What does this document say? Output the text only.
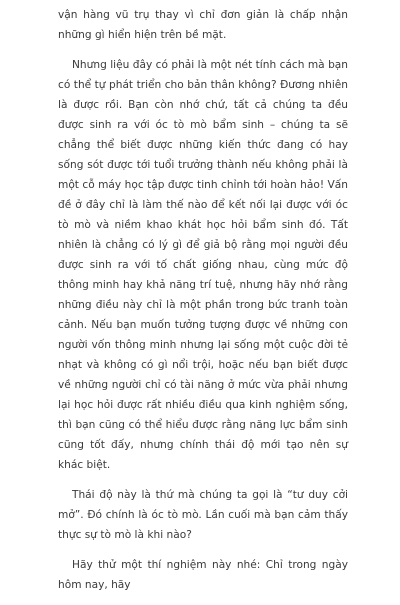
vận hàng vũ trụ thay vì chỉ đơn giản là chấp nhận những gì hiển hiện trên bề mặt.

Nhưng liệu đây có phải là một nét tính cách mà bạn có thể tự phát triển cho bản thân không? Đương nhiên là được rồi. Bạn còn nhớ chứ, tất cả chúng ta đều được sinh ra với óc tò mò bẩm sinh – chúng ta sẽ chẳng thể biết được những kiến thức đang có hay sống sót được tới tuổi trưởng thành nếu không phải là một cỗ máy học tập được tinh chỉnh tới hoàn hảo! Vấn đề ở đây chỉ là làm thế nào để kết nối lại được với óc tò mò và niềm khao khát học hỏi bẩm sinh đó. Tất nhiên là chẳng có lý gì để giả bộ rằng mọi người đều được sinh ra với tố chất giống nhau, cùng mức độ thông minh hay khả năng trí tuệ, nhưng hãy nhớ rằng những điều này chỉ là một phần trong bức tranh toàn cảnh. Nếu bạn muốn tưởng tượng được về những con người vốn thông minh nhưng lại sống một cuộc đời tẻ nhạt và không có gì nổi trội, hoặc nếu bạn biết được về những người chỉ có tài năng ở mức vừa phải nhưng lại học hỏi được rất nhiều điều qua kinh nghiệm sống, thì bạn cũng có thể hiểu được rằng năng lực bẩm sinh cũng tốt đấy, nhưng chính thái độ mới tạo nên sự khác biệt.

Thái độ này là thứ mà chúng ta gọi là “tư duy cởi mở”. Đó chính là óc tò mò. Lần cuối mà bạn cảm thấy thực sự tò mò là khi nào?

Hãy thử một thí nghiệm này nhé: Chỉ trong ngày hôm nay, hãy
